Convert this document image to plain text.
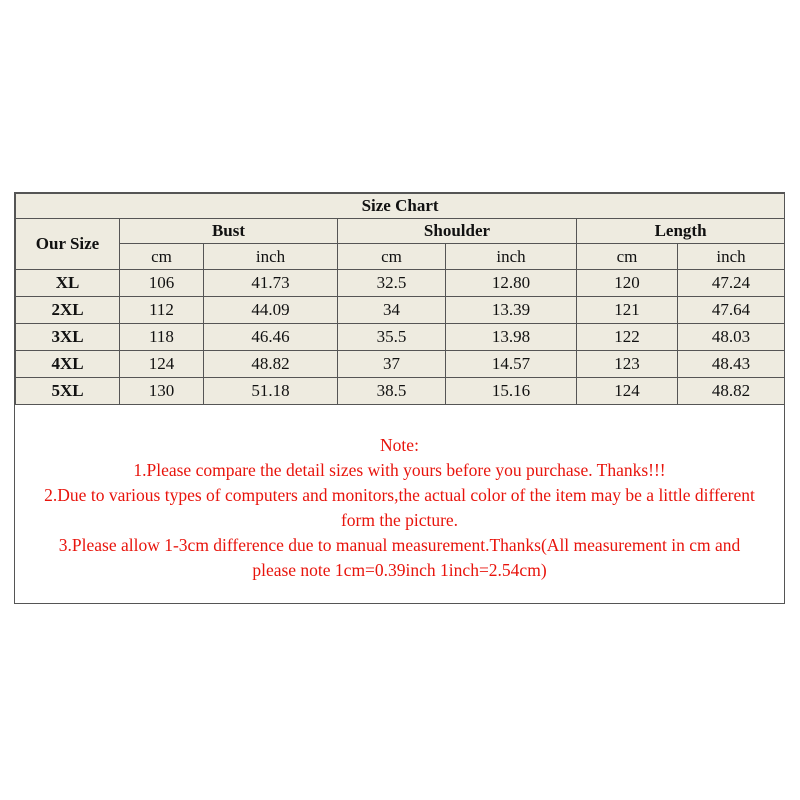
Size Chart						
Our Size	Bust		Shoulder		Length	
	cm	inch	cm	inch	cm	inch
XL	106	41.73	32.5	12.80	120	47.24
2XL	112	44.09	34	13.39	121	47.64
3XL	118	46.46	35.5	13.98	122	48.03
4XL	124	48.82	37	14.57	123	48.43
5XL	130	51.18	38.5	15.16	124	48.82

Note:

1.Please compare the detail sizes with yours before you purchase. Thanks!!!

2.Due to various types of computers and monitors,the actual color of the item may be a little different form the picture.

3.Please allow 1-3cm difference due to manual measurement.Thanks(All measurement in cm and please note 1cm=0.39inch 1inch=2.54cm)
